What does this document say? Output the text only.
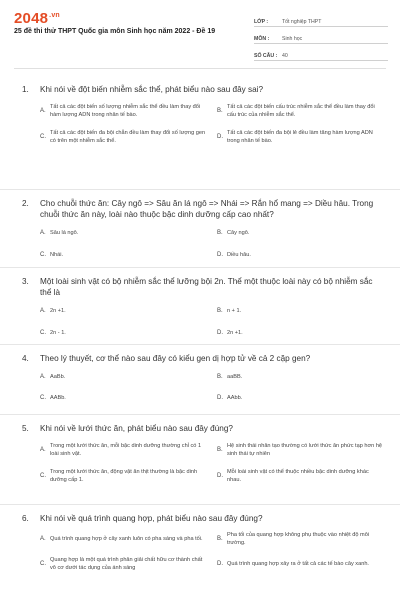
$2048^{.vn}$
25 đề thi thử THPT Quốc gia môn Sinh học năm 2022 - Đề 19
LỚP :	Tốt nghiệp THPT
MÔN :	Sinh học
SỐ CÂU : 40
1.	Khi nói về đột biến nhiễm sắc thể, phát biểu nào sau đây sai?
A.
Tất cả các đột biến số lượng nhiễm sắc thể đều làm thay đổi hàm lượng ADN trong nhân tế bào.
B.
Tất cả các đột biến cấu trúc nhiễm sắc thể đều làm thay đổi cấu trúc của nhiễm sắc thể.
C.
Tất cả các đột biến đa bội chẵn đều làm thay đổi số lượng gen có trên một nhiễm sắc thể.
D.
Tất cả các đột biến đa bội lẻ đều làm tăng hàm lượng ADN trong nhân tế bào.
2.	Cho chuỗi thức ăn: Cây ngô => Sâu ăn lá ngô => Nhái => Rắn hổ mang => Diều hâu. Trong chuỗi thức ăn này, loài nào thuộc bậc dinh dưỡng cấp cao nhất?
A. Sâu lá ngô.	B. Cây ngô.
C. Nhái.	D. Diều hâu.
3.	Một loài sinh vật có bộ nhiễm sắc thể lưỡng bội 2n. Thể một thuộc loài này có bộ nhiễm sắc thể là
A. 2n +1.	B. n + 1.
C. 2n - 1.	D. 2n +1.
4.	Theo lý thuyết, cơ thể nào sau đây có kiểu gen dị hợp tử về cả 2 cặp gen?
A. AaBb.	B. aaBB.
C. AABb.	D. AAbb.
5.	Khi nói về lưới thức ăn, phát biểu nào sau đây đúng?
A.
Trong một lưới thức ăn, mỗi bậc dinh dưỡng thường chỉ có 1 loài sinh vật.
B.
Hệ sinh thái nhân tạo thường có lưới thức ăn phức tạp hơn hệ sinh thái tự nhiên
C.
Trong một lưới thức ăn, động vật ăn thịt thường là bậc dinh dưỡng cấp 1.
D.
Mỗi loài sinh vật có thể thuộc nhiều bậc dinh dưỡng khác nhau.
6.	Khi nói về quá trình quang hợp, phát biểu nào sau đây đúng?
A. Quá trình quang hợp ở cây xanh luôn có pha sáng và pha tối.	B.
Pha tối của quang hợp không phụ thuộc vào nhiệt độ môi trường.
C.
Quang hợp là một quá trình phân giải chất hữu cơ thành chất vô cơ dưới tác dụng của ánh sáng
D. Quá trình quang hợp xảy ra ở tất cả các tế bào cây xanh.
